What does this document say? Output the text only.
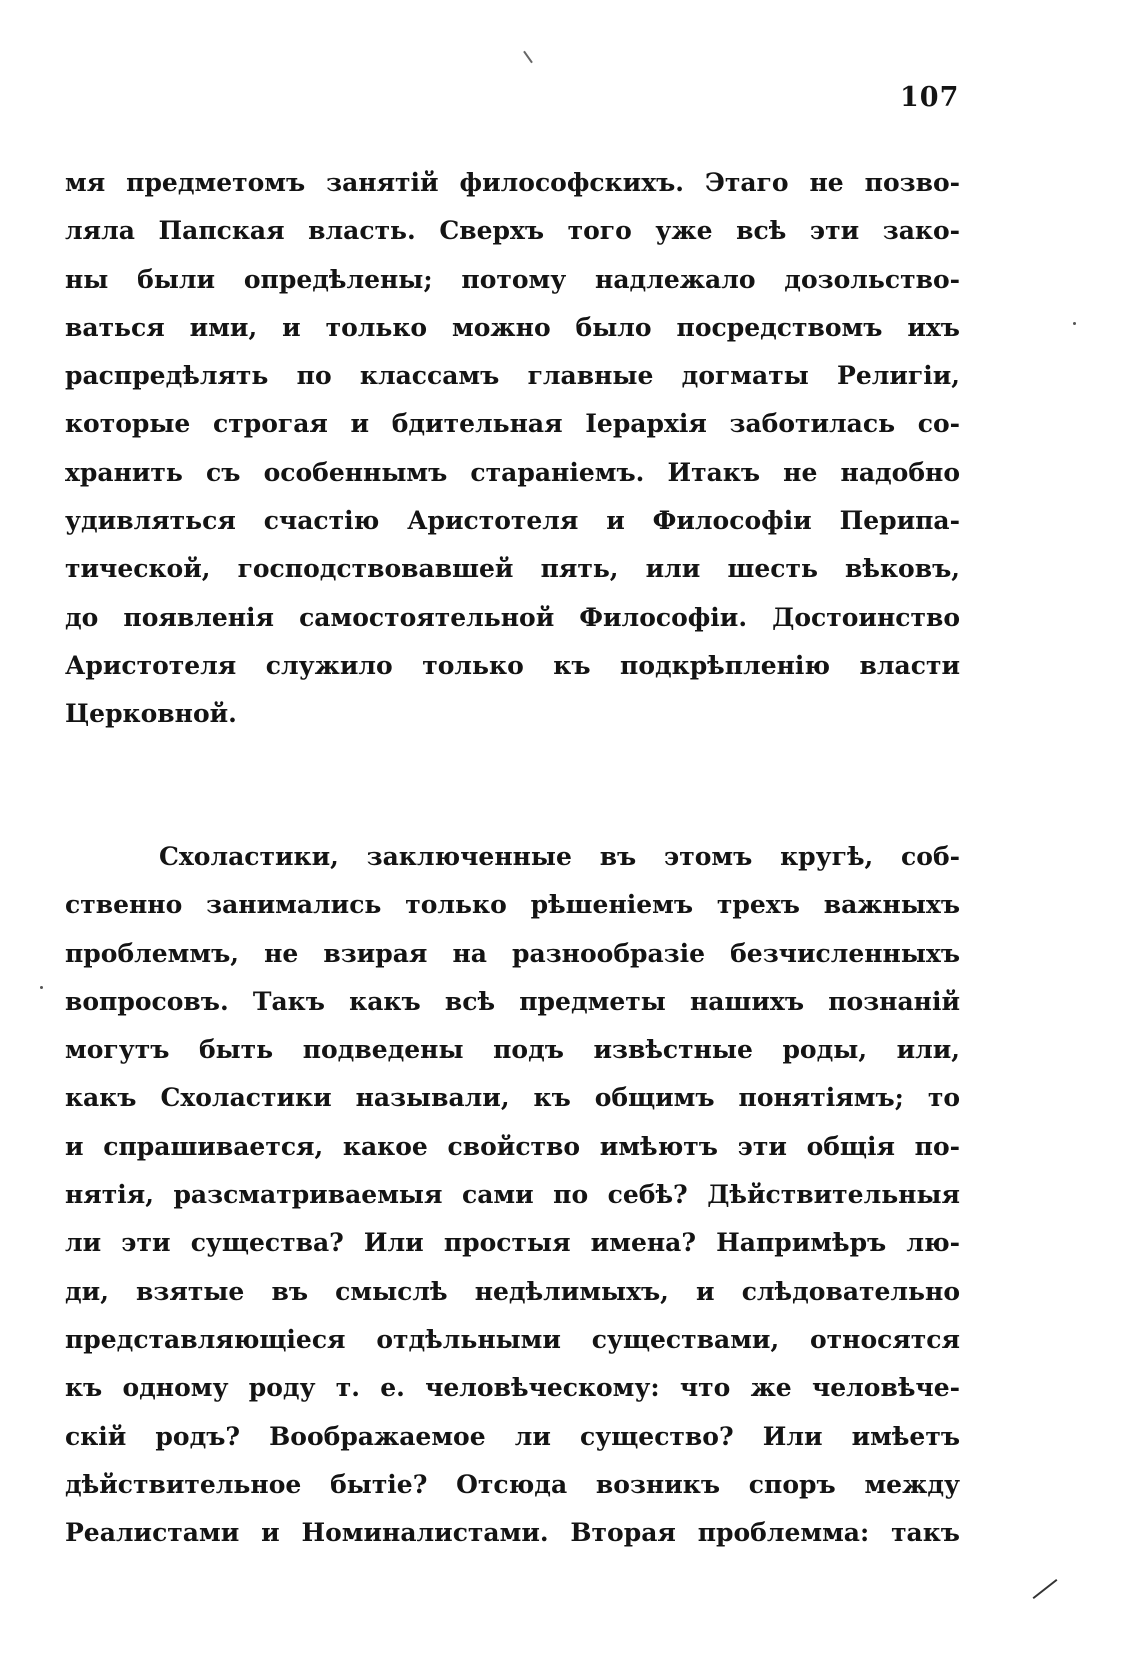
107
мя предметомъ занятій философскихъ. Этаго не позво-
ляла Папская власть. Сверхъ того уже всѣ эти зако-
ны были опредѣлены; потому надлежало дозольство-
ваться ими, и только можно было посредствомъ ихъ
распредѣлять по классамъ главные догматы Религіи,
которые строгая и бдительная Іерархія заботилась со-
хранить съ особеннымъ стараніемъ. Итакъ не надобно
удивляться счастію Аристотеля и Философіи Перипа-
тической, господствовавшей пять, или шесть вѣковъ,
до появленія самостоятельной Философіи. Достоинство
Аристотеля служило только къ подкрѣпленію власти
Церковной.
Схоластики, заключенные въ этомъ кругѣ, соб-
ственно занимались только рѣшеніемъ трехъ важныхъ
проблеммъ, не взирая на разнообразіе безчисленныхъ
вопросовъ. Такъ какъ всѣ предметы нашихъ познаній
могутъ быть подведены подъ извѣстные роды, или,
какъ Схоластики называли, къ общимъ понятіямъ; то
и спрашивается, какое свойство имѣютъ эти общія по-
нятія, разсматриваемыя сами по себѣ? Дѣйствительныя
ли эти существа? Или простыя имена? Напримѣръ лю-
ди, взятые въ смыслѣ недѣлимыхъ, и слѣдовательно
представляющіеся отдѣльными существами, относятся
къ одному роду т. е. человѣческому: что же человѣче-
скій родъ? Воображаемое ли существо? Или имѣетъ
дѣйствительное бытіе? Отсюда возникъ споръ между
Реалистами и Номиналистами. Вторая проблемма: такъ
